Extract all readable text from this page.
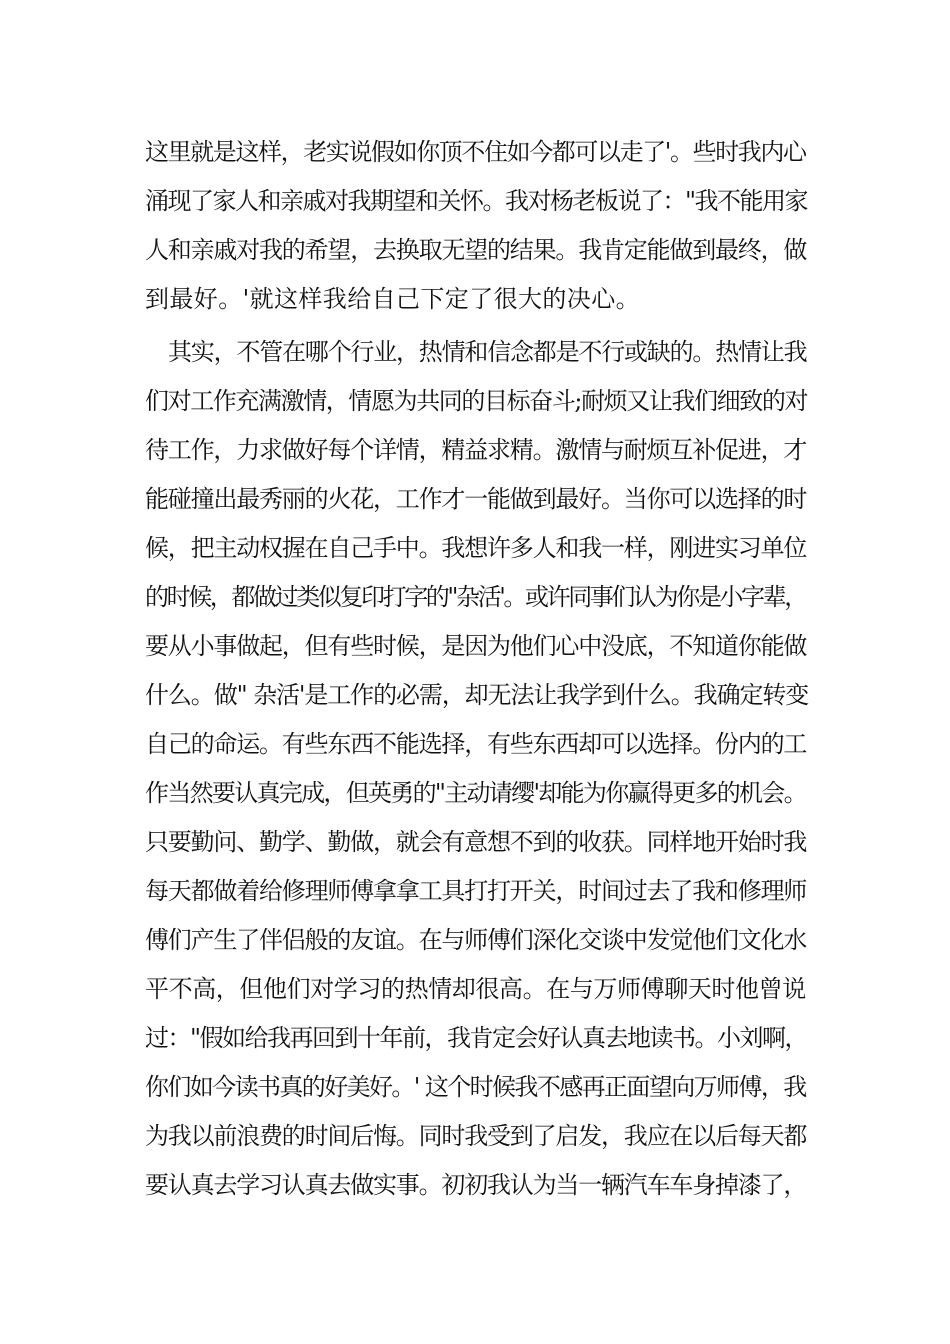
这里就是这样，老实说假如你顶不住如今都可以走了'。些时我内心
涌现了家人和亲戚对我期望和关怀。我对杨老板说了："我不能用家
人和亲戚对我的希望，去换取无望的结果。我肯定能做到最终，做
到最好。'就这样我给自己下定了很大的决心。
其实，不管在哪个行业，热情和信念都是不行或缺的。热情让我
们对工作充满激情，情愿为共同的目标奋斗;耐烦又让我们细致的对
待工作，力求做好每个详情，精益求精。激情与耐烦互补促进，才
能碰撞出最秀丽的火花，工作才一能做到最好。当你可以选择的时
候，把主动权握在自己手中。我想许多人和我一样，刚进实习单位
的时候，都做过类似复印打字的"杂活'。或许同事们认为你是小字辈，
要从小事做起，但有些时候，是因为他们心中没底，不知道你能做
什么。做" 杂活'是工作的必需，却无法让我学到什么。我确定转变
自己的命运。有些东西不能选择，有些东西却可以选择。份内的工
作当然要认真完成，但英勇的"主动请缨'却能为你赢得更多的机会。
只要勤问、勤学、勤做，就会有意想不到的收获。同样地开始时我
每天都做着给修理师傅拿拿工具打打开关，时间过去了我和修理师
傅们产生了伴侣般的友谊。在与师傅们深化交谈中发觉他们文化水
平不高，但他们对学习的热情却很高。在与万师傅聊天时他曾说
过："假如给我再回到十年前，我肯定会好认真去地读书。小刘啊，
你们如今读书真的好美好。' 这个时候我不感再正面望向万师傅，我
为我以前浪费的时间后悔。同时我受到了启发，我应在以后每天都
要认真去学习认真去做实事。初初我认为当一辆汽车车身掉漆了，
